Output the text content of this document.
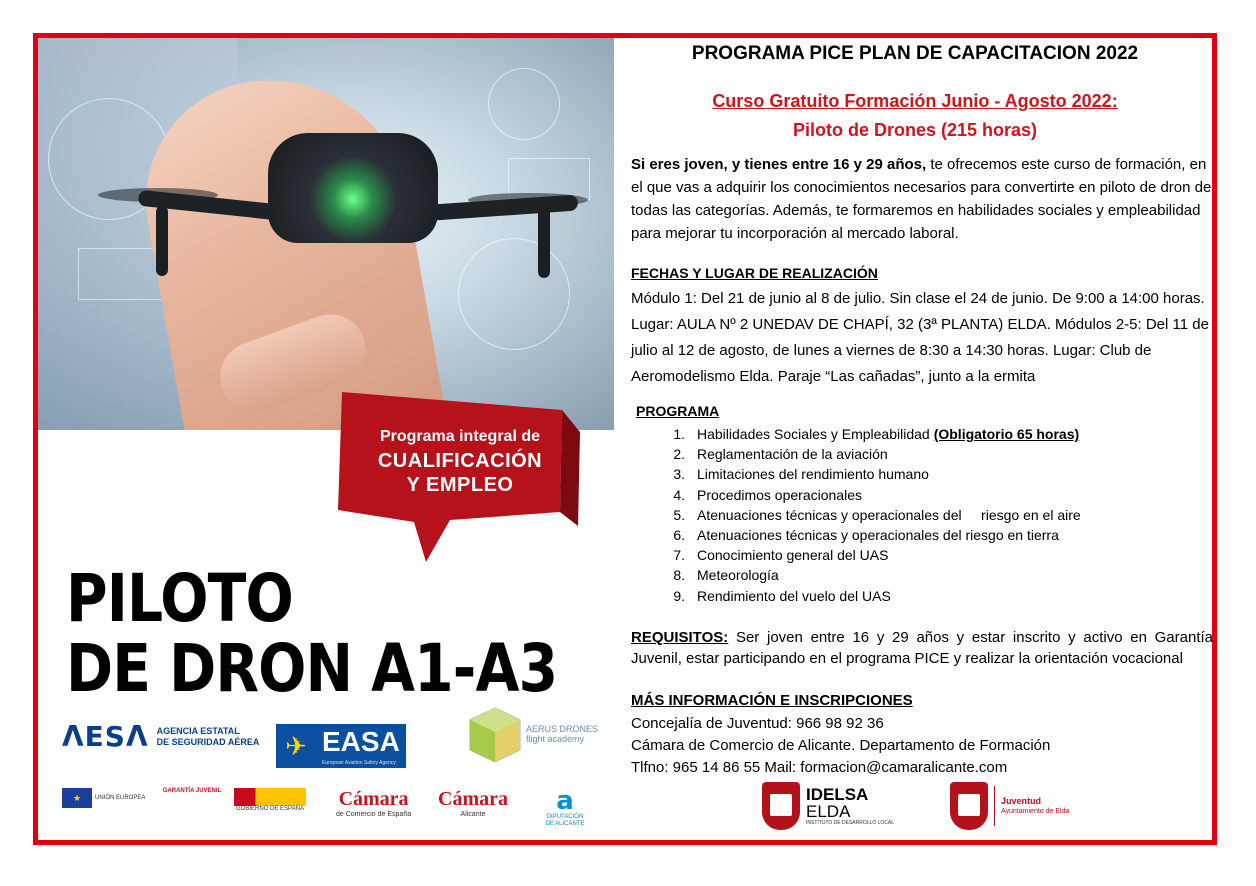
Programa integral de
CUALIFICACIÓN
Y EMPLEO
PILOTO
DE DRON A1-A3
ΛESΛ AGENCIA ESTATAL
DE SEGURIDAD AÉREA ✈ EASA
European Aviation Safety Agency
AERUS DRONES
flight academy
★	UNIÓN EUROPEA
GARANTÍA JUVENIL
GOBIERNO DE ESPAÑA Cámara
de Comercio de España
Cámara
Alicante	a
DIPUTACIÓN DE ALICANTE
PROGRAMA PICE PLAN DE CAPACITACION 2022
Curso Gratuito Formación Junio - Agosto 2022:
Piloto de Drones (215 horas)
Si eres joven, y tienes entre 16 y 29 años, te ofrecemos este curso de formación, en el que vas a adquirir los conocimientos necesarios para convertirte en piloto de dron de todas las categorías. Además, te formaremos en habilidades sociales y empleabilidad para mejorar tu incorporación al mercado laboral.
FECHAS Y LUGAR DE REALIZACIÓN
Módulo 1: Del 21 de junio al 8 de julio. Sin clase el 24 de junio. De 9:00 a 14:00 horas. Lugar: AULA Nº 2 UNEDAV DE CHAPÍ, 32 (3ª PLANTA) ELDA. Módulos 2-5: Del 11 de julio al 12 de agosto, de lunes a viernes de 8:30 a 14:30 horas. Lugar: Club de Aeromodelismo Elda. Paraje “Las cañadas”, junto a la ermita
PROGRAMA
1. Habilidades Sociales y Empleabilidad (Obligatorio 65 horas)
2. Reglamentación de la aviación
3. Limitaciones del rendimiento humano
4. Procedimos operacionales
5. Atenuaciones técnicas y operacionales del     riesgo en el aire
6. Atenuaciones técnicas y operacionales del riesgo en tierra
7. Conocimiento general del UAS
8. Meteorología
9. Rendimiento del vuelo del UAS
REQUISITOS: Ser joven entre 16 y 29 años y estar inscrito y activo en Garantía Juvenil, estar participando en el programa PICE y realizar la orientación vocacional
MÁS INFORMACIÓN E INSCRIPCIONES
Concejalía de Juventud: 966 98 92 36
Cámara de Comercio de Alicante. Departamento de Formación
Tlfno: 965 14 86 55 Mail: formacion@camaralicante.com
IDELSA
ELDA
INSTITUTO DE DESARROLLO LOCAL
Juventud
Ayuntamiento de Elda
